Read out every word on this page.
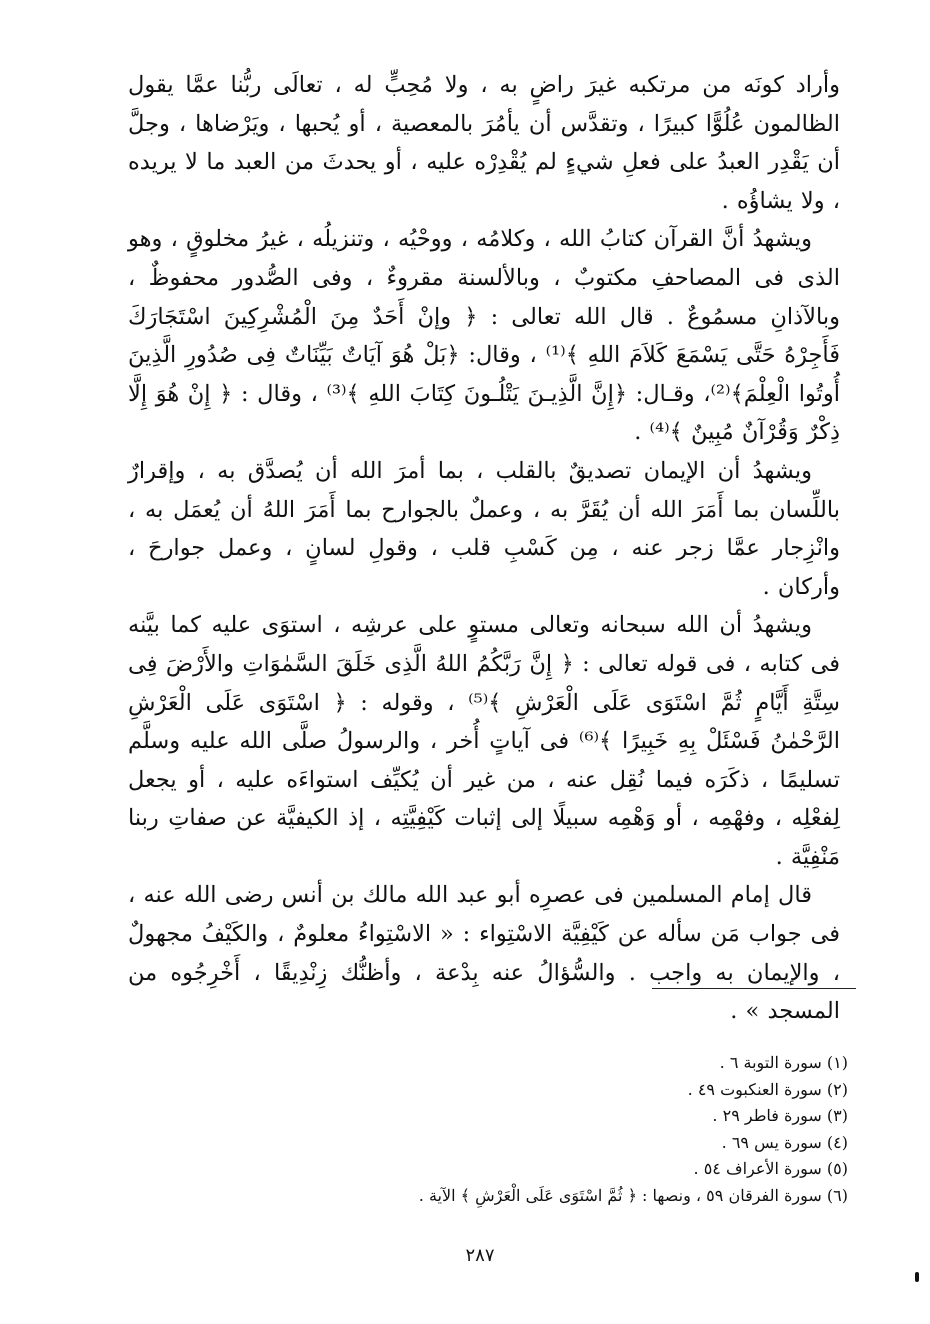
وأراد كونَه من مرتكبه غيرَ راضٍ به ، ولا مُحِبٍّ له ، تعالَى ربُّنا عمَّا يقول الظالمون عُلُوًّا كبيرًا ، وتقدَّس أن يأمُرَ بالمعصية ، أو يُحبها ، ويَرْضاها ، وجلَّ أن يَقْدِر العبدُ على فعلِ شيءٍ لم يُقْدِرْه عليه ، أو يحدثَ من العبد ما لا يريده ، ولا يشاؤُه .

ويشهدُ أنَّ القرآن كتابُ الله ، وكلامُه ، ووحْيُه ، وتنزيلُه ، غيرُ مخلوقٍ ، وهو الذى فى المصاحفِ مكتوبٌ ، وبالألسنة مقروءٌ ، وفى الصُّدور محفوظٌ ، وبالآذانِ مسمُوعٌ . قال الله تعالى : ﴿ وإنْ أَحَدٌ مِنَ الْمُشْرِكِينَ اسْتَجَارَكَ فَأَجِرْهُ حَتَّى يَسْمَعَ كَلاَمَ اللهِ ﴾⁽¹⁾ ، وقال: ﴿بَلْ هُوَ آيَاتٌ بَيِّنَاتٌ فِى صُدُورِ الَّذِينَ أُوتُوا الْعِلْمَ﴾⁽²⁾، وقـال: ﴿إِنَّ الَّذِيـنَ يَتْلُـونَ كِتَابَ اللهِ ﴾⁽³⁾ ، وقال : ﴿ إِنْ هُوَ إِلَّا ذِكْرٌ وَقُرْآنٌ مُبِينٌ ﴾⁽⁴⁾ .

ويشهدُ أن الإيمان تصديقٌ بالقلب ، بما أمرَ الله أن يُصدَّق به ، وإقرارٌ باللِّسان بما أَمَرَ الله أن يُقَرَّ به ، وعملٌ بالجوارح بما أَمَرَ اللهُ أن يُعمَل به ، وانْزِجار عمَّا زجر عنه ، مِن كَسْبِ قلب ، وقولِ لسانٍ ، وعمل جوارحَ ، وأركان .

ويشهدُ أن الله سبحانه وتعالى مستوٍ على عرشِه ، استوَى عليه كما بيَّنه فى كتابه ، فى قوله تعالى : ﴿ إِنَّ رَبَّكُمُ اللهُ الَّذِى خَلَقَ السَّمٰوَاتِ والأَرْضَ فِى سِتَّةِ أَيَّامٍ ثُمَّ اسْتَوَى عَلَى الْعَرْشِ ﴾⁽⁵⁾ ، وقوله : ﴿ اسْتَوَى عَلَى الْعَرْشِ الرَّحْمٰنُ فَسْئَلْ بِهِ خَبِيرًا ﴾⁽⁶⁾ فى آياتٍ أُخر ، والرسولُ صلَّى الله عليه وسلَّم تسليمًا ، ذكَرَه فيما نُقِل عنه ، من غير أن يُكيِّف استواءَه عليه ، أو يجعل لِفعْلِه ، وفهْمِه ، أو وَهْمِه سبيلًا إلى إثبات كَيْفِيَّتِه ، إذ الكيفيَّة عن صفاتِ ربنا مَنْفِيَّة .

قال إمام المسلمين فى عصرِه أبو عبد الله مالك بن أنس رضى الله عنه ، فى جواب مَن سأله عن كَيْفِيَّة الاسْتِواء : « الاسْتِواءُ معلومٌ ، والكَيْفُ مجهولٌ ، والإيمان به واجب . والسُّؤالُ عنه بِدْعة ، وأظنُّك زِنْدِيقًا ، أَخْرِجُوه من المسجد » .

(١) سورة التوبة ٦ .

(٢) سورة العنكبوت ٤٩ .

(٣) سورة فاطر ٢٩ .

(٤) سورة يس ٦٩ .

(٥) سورة الأعراف ٥٤ .

(٦) سورة الفرقان ٥٩ ، ونصها : ﴿ ثُمَّ اسْتَوَى عَلَى الْعَرْشِ ﴾ الآية .

٢٨٧
